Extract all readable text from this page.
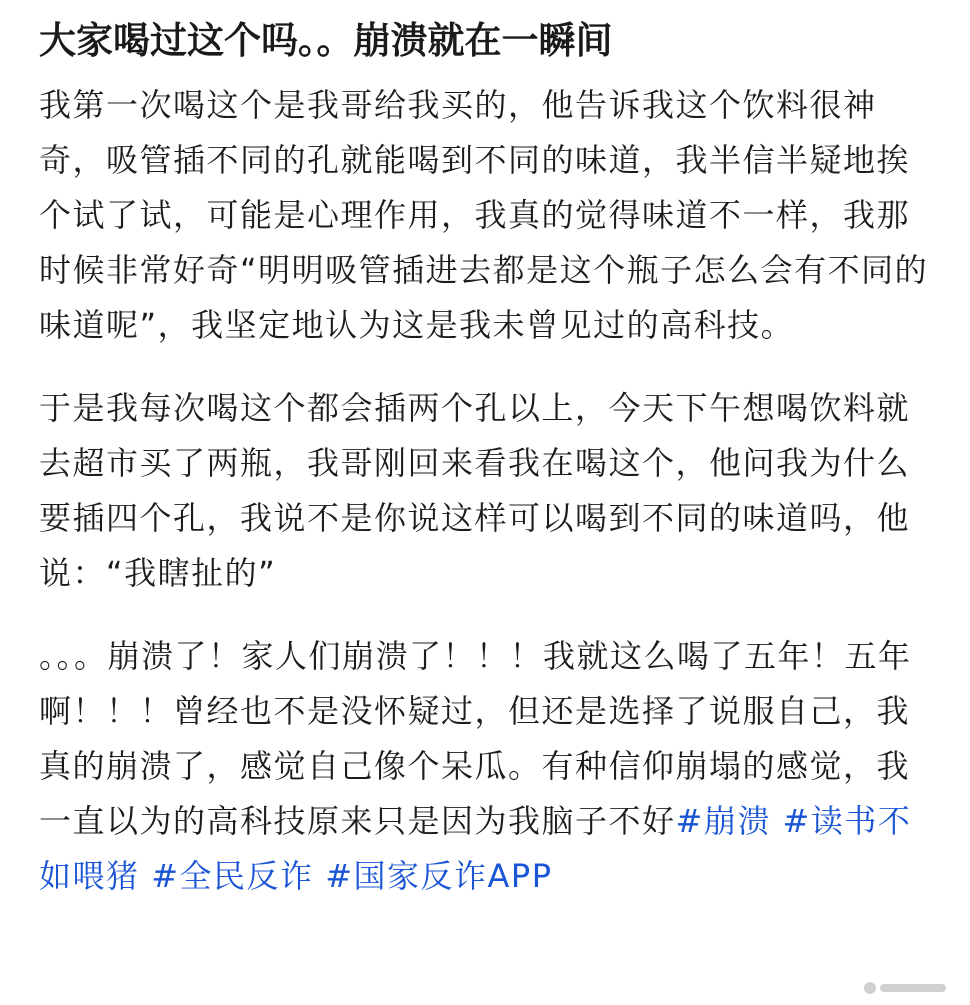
大家喝过这个吗。。崩溃就在一瞬间

我第一次喝这个是我哥给我买的，他告诉我这个饮料很神奇，吸管插不同的孔就能喝到不同的味道，我半信半疑地挨个试了试，可能是心理作用，我真的觉得味道不一样，我那时候非常好奇“明明吸管插进去都是这个瓶子怎么会有不同的味道呢”，我坚定地认为这是我未曾见过的高科技。

于是我每次喝这个都会插两个孔以上，今天下午想喝饮料就去超市买了两瓶，我哥刚回来看我在喝这个，他问我为什么要插四个孔，我说不是你说这样可以喝到不同的味道吗，他说：“我瞎扯的”

。。。崩溃了！家人们崩溃了！！！我就这么喝了五年！五年啊！！！曾经也不是没怀疑过，但还是选择了说服自己，我真的崩溃了，感觉自己像个呆瓜。有种信仰崩塌的感觉，我一直以为的高科技原来只是因为我脑子不好#崩溃 #读书不如喂猪 #全民反诈 #国家反诈APP
